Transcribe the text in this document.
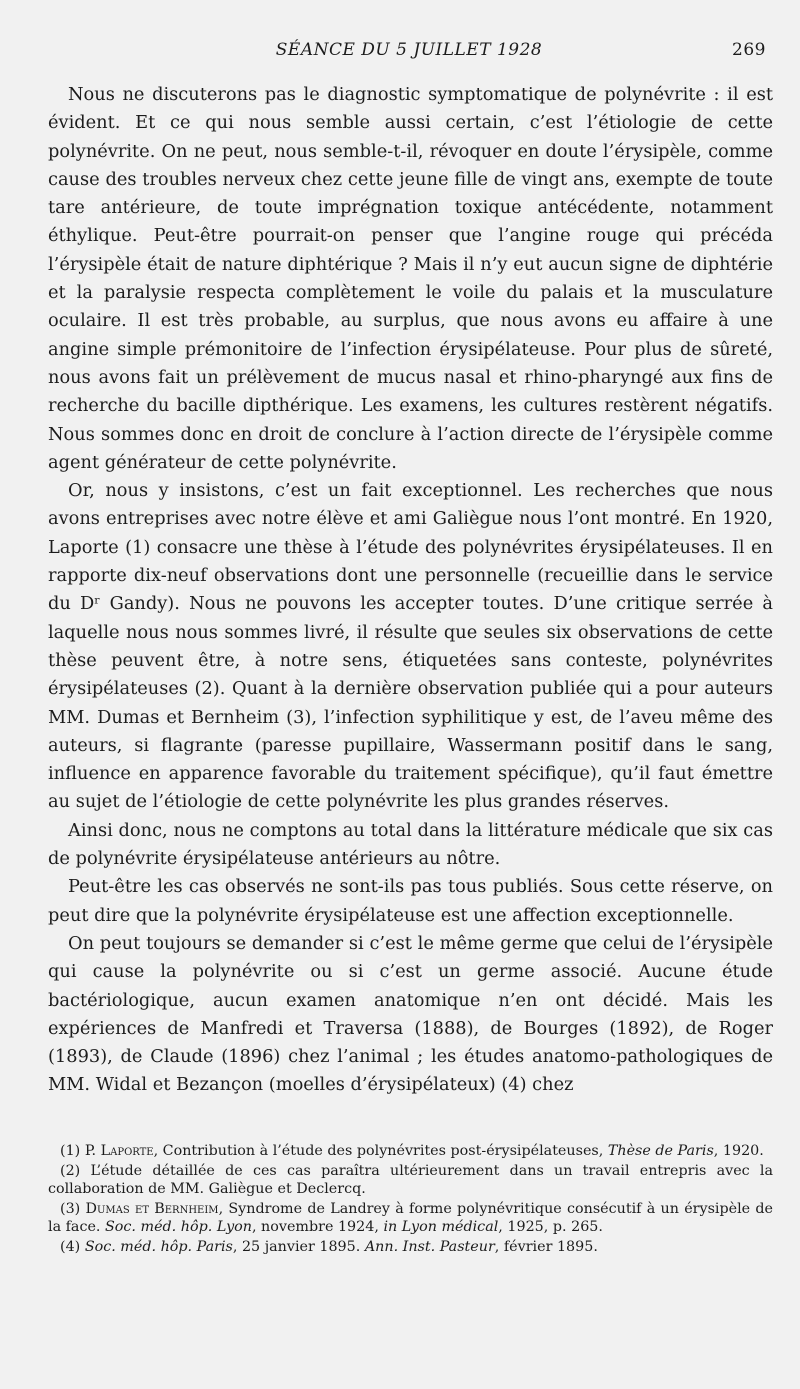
SÉANCE DU 5 JUILLET 1928	269

Nous ne discuterons pas le diagnostic symptomatique de polynévrite : il est évident. Et ce qui nous semble aussi certain, c’est l’étiologie de cette polynévrite. On ne peut, nous semble-t-il, révoquer en doute l’érysipèle, comme cause des troubles nerveux chez cette jeune fille de vingt ans, exempte de toute tare antérieure, de toute imprégnation toxique antécédente, notamment éthylique. Peut-être pourrait-on penser que l’angine rouge qui précéda l’érysipèle était de nature diphtérique ? Mais il n’y eut aucun signe de diphtérie et la paralysie respecta complètement le voile du palais et la musculature oculaire. Il est très probable, au surplus, que nous avons eu affaire à une angine simple prémonitoire de l’infection érysipélateuse. Pour plus de sûreté, nous avons fait un prélèvement de mucus nasal et rhino-pharyngé aux fins de recherche du bacille dipthérique. Les examens, les cultures restèrent négatifs. Nous sommes donc en droit de conclure à l’action directe de l’érysipèle comme agent générateur de cette polynévrite.

Or, nous y insistons, c’est un fait exceptionnel. Les recherches que nous avons entreprises avec notre élève et ami Galiègue nous l’ont montré. En 1920, Laporte (1) consacre une thèse à l’étude des polynévrites érysipélateuses. Il en rapporte dix-neuf observations dont une personnelle (recueillie dans le service du Dʳ Gandy). Nous ne pouvons les accepter toutes. D’une critique serrée à laquelle nous nous sommes livré, il résulte que seules six observations de cette thèse peuvent être, à notre sens, étiquetées sans conteste, polynévrites érysipélateuses (2). Quant à la dernière observation publiée qui a pour auteurs MM. Dumas et Bernheim (3), l’infection syphilitique y est, de l’aveu même des auteurs, si flagrante (paresse pupillaire, Wassermann positif dans le sang, influence en apparence favorable du traitement spécifique), qu’il faut émettre au sujet de l’étiologie de cette polynévrite les plus grandes réserves.

Ainsi donc, nous ne comptons au total dans la littérature médicale que six cas de polynévrite érysipélateuse antérieurs au nôtre.

Peut-être les cas observés ne sont-ils pas tous publiés. Sous cette réserve, on peut dire que la polynévrite érysipélateuse est une affection exceptionnelle.

On peut toujours se demander si c’est le même germe que celui de l’érysipèle qui cause la polynévrite ou si c’est un germe associé. Aucune étude bactériologique, aucun examen anatomique n’en ont décidé. Mais les expériences de Manfredi et Traversa (1888), de Bourges (1892), de Roger (1893), de Claude (1896) chez l’animal ; les études anatomo-pathologiques de MM. Widal et Bezançon (moelles d’érysipélateux) (4) chez

(1) P. Laporte, Contribution à l’étude des polynévrites post-érysipélateuses, Thèse de Paris, 1920.

(2) L’étude détaillée de ces cas paraîtra ultérieurement dans un travail entrepris avec la collaboration de MM. Galiègue et Declercq.

(3) Dumas et Bernheim, Syndrome de Landrey à forme polynévritique consécutif à un érysipèle de la face. Soc. méd. hôp. Lyon, novembre 1924, in Lyon médical, 1925, p. 265.

(4) Soc. méd. hôp. Paris, 25 janvier 1895. Ann. Inst. Pasteur, février 1895.
